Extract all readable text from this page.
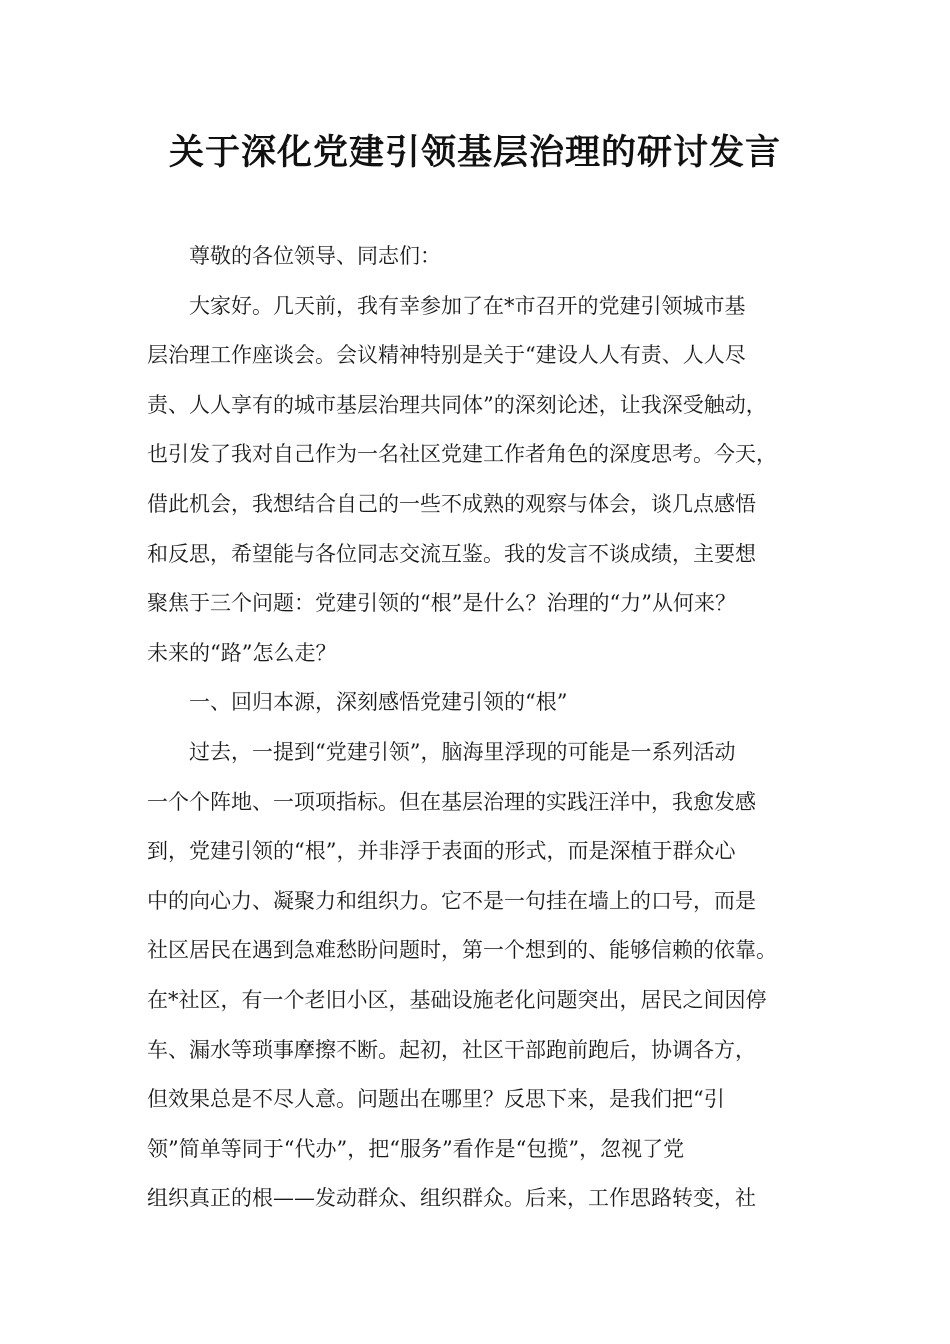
关于深化党建引领基层治理的研讨发言
　　尊敬的各位领导、同志们：
　　大家好。几天前，我有幸参加了在*市召开的党建引领城市基
层治理工作座谈会。会议精神特别是关于“建设人人有责、人人尽
责、人人享有的城市基层治理共同体”的深刻论述，让我深受触动，
也引发了我对自己作为一名社区党建工作者角色的深度思考。今天，
借此机会，我想结合自己的一些不成熟的观察与体会，谈几点感悟
和反思，希望能与各位同志交流互鉴。我的发言不谈成绩，主要想
聚焦于三个问题：党建引领的“根”是什么？治理的“力”从何来？
未来的“路”怎么走？
　　一、回归本源，深刻感悟党建引领的“根”
　　过去，一提到“党建引领”，脑海里浮现的可能是一系列活动
一个个阵地、一项项指标。但在基层治理的实践汪洋中，我愈发感
到，党建引领的“根”，并非浮于表面的形式，而是深植于群众心
中的向心力、凝聚力和组织力。它不是一句挂在墙上的口号，而是
社区居民在遇到急难愁盼问题时，第一个想到的、能够信赖的依靠。
在*社区，有一个老旧小区，基础设施老化问题突出，居民之间因停
车、漏水等琐事摩擦不断。起初，社区干部跑前跑后，协调各方，
但效果总是不尽人意。问题出在哪里？反思下来，是我们把“引
领”简单等同于“代办”，把“服务”看作是“包揽”，忽视了党
组织真正的根——发动群众、组织群众。后来，工作思路转变，社
